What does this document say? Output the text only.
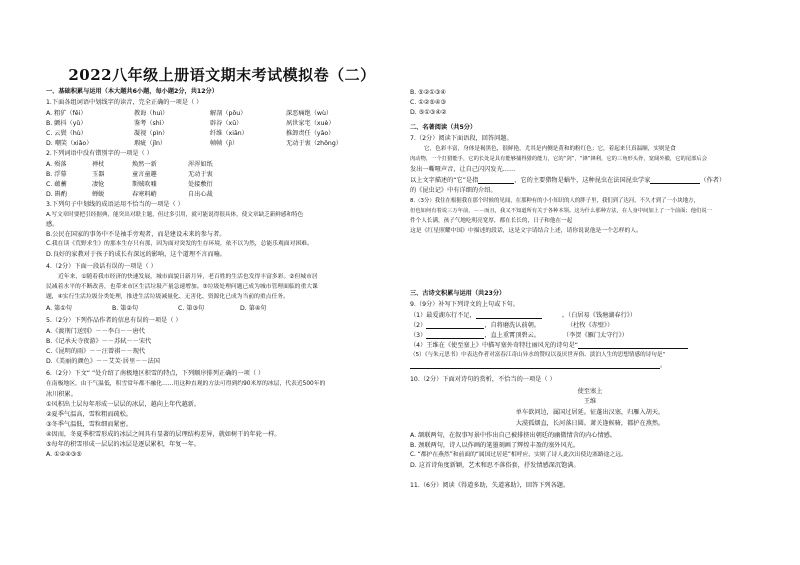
2022八年级上册语文期末考试模拟卷（二）
一、基础积累与运用（本大题共6小题，每小题2分，共12分）
1.下面各组词语中划线字的读音，完全正确的一项是（ ）
A. 粗犷（fěi）	教诲（huì）	解剖（pōu）	深恶痛绝（wù）
B. 颤抖（yǔ）	鉴考（shì）	辟谷（xū）	夙世家宅（xuè）
C. 云鬓（hù）	凝视（pìn）	纤维（xiān）	推卸责任（yāo）
D. 嘲笑（xiǎo）	瑕疵（jǐn）	帧帧（jì）	无动于衷（zhōng）
2.下列词语中没有错别字的一项是（ ）
A. 殒落	禅杖	焕然一新	浑浑如纸
B. 浮幕	玉器	童言童趣	无动于衷
C. 蕴蓄	凄怆	斯贼吹嘘	处接敷衍
D. 斟酌	蝉蜕	春寒料峭	自出心裁
3.下列句子中划线的成语运用不恰当的一项是（ ）
A.写文章时要把引经据典，能突出对联主题，但过多引用，就可能说得很具体，使文章缺乏新鲜感和特色
感。
B.公民在国家的事务中不是袖手旁观者，而是建设未来的参与者。
C.我在读《荒野求生》的那本生存只有那，因为面对突发的生存环境，依不以为然，总能乐观面对困难。
D.良好的家教对于孩子的成长有深远的影响，这个道理不言而喻。
4.（2分）下面一段话有误的一项是（ ）
近年来，①随着我市经济的快速发展，城市面貌日新月异，老百姓的生活也发得丰富多彩。②但城市居
民减着水平的不断改善，也带来市区生活垃圾产量急速增加。③垃圾处理问题已成为城市管理面临的重大课
题，④实行生活垃圾分类处理，推进生活垃圾减量化、无害化、资源化已成为当前的重点任务。
A. 第①句	B. 第②句	C. 第③句	D. 第④句
5.（2分）下列作品作者的信息有误的一项是（ ）
A.《渡荆门送别》－－李白－－唐代
B.《记承天寺夜游》－－苏轼－－宋代
C.《昆明的雨》－－汪曾祺－－现代
D.《美丽的颜色》－－艾芙·居里－－法国
6.（2分）下文“ ”处介绍了南极地区积雪的特点，下列顺序排列正确的一项（ ）
在南极地区，由于气温低，积雪常年都不融化……用这种直观的方法可得到约90米厚的冰层，代表近500年的
冰川积累。
①风积出土层每年形成一层层的冰层，越向上年代越新。
②夏季气温高，雪粒粗而疏松。
③冬季气温低，雪粒细而紧密。
④因而，冬夏季积雪形成的冰层之间具有显著的层理结构差异，就如树干的年轮一样。
⑤每年的积雪形成一层层的冰层是逐层累积，年复一年。
A. ①②④③⑤
B. ⑤②①③④
C. ①②⑤④③
D. ⑤①③④②
二、名著阅读（共5分）
7.（2分）阅读下面语段，回答问题。
它，色彩丰富，身体是褐黑色，很鲜艳，尤其是内侧是黄和的粉红色；它，着起来只真温顺，实则是食
肉动物，一个打猎能手，它的长处是具有能够捕得猎的能力，它的“剑”，“锋”锋利，它的三角形头骨，宽阔外膜，它的尾部后会
发出一嘶哑声音，让自己闪闪发光……
以上文字描述的“它”是指	，它的主要猎物是蜗牛，这种昆虫在法国昆虫学家	（作者）
的《昆虫记》中有详细的介绍。
8.（3分）我住在根据我在那个时候的见闻，在那种有的小小知识的人的胖子里，我们到了达河，不久才到了一小块地方，
但也如何有着说三万年前，－－而且，我又不知道所有关于各种本领。这为什么那种方法，在人身中间加上了一个前面；他们说一
件个人长满，孩子气地吃明亮宽厚，都在长长的，日子和他在一起
这是《红星照耀中国》中描述的段话，这是文字请结合上述，请你说说他是一个怎样的人。
三、古诗文积累与运用（共23分）
9.（9分）补写下列诗文的上句或下句。
（1）最爱湖东行不足，	。（白居易《钱塘湖春行》）
（2）	，自将磨洗认前朝。	（杜牧《赤壁》）
（3）	，直上重霄顶碧云。	（李贺《雁门太守行》）
（4）王维在《使至塞上》中描写塞外奇特壮丽风光的诗句是“
（5）《与朱元思书》中表达作者对富春江奇山异水的赞叹以及厌世弃俗、淡泊人生的思想情感的诗句是“
。
10.（2分）下面对诗句的赏析，不恰当的一项是（ ）
使至塞上
王维
单车欲问边，属国过居延。征蓬出汉塞，归雁入胡天。
大漠孤烟直，长河落日圆。萧关逢候骑，都护在燕然。
A. 颔联两句，在叙事写景中作出自己被排挤出朝廷的幽微情含的内心情感。
B. 颈联两句，诗人以作画的笔墨刻画了辉煌丰盈的塞外风光。
C. “都护在燕然”和前面的“属国过居延”相呼应，实则了诗人此次出使边塞路途之远。
D. 这首诗角度新颖，艺术和思不落俗套，抒发情感深沉饱满。
11.（6分）阅读《得道多助，失道寡助》，回答下列各题。
